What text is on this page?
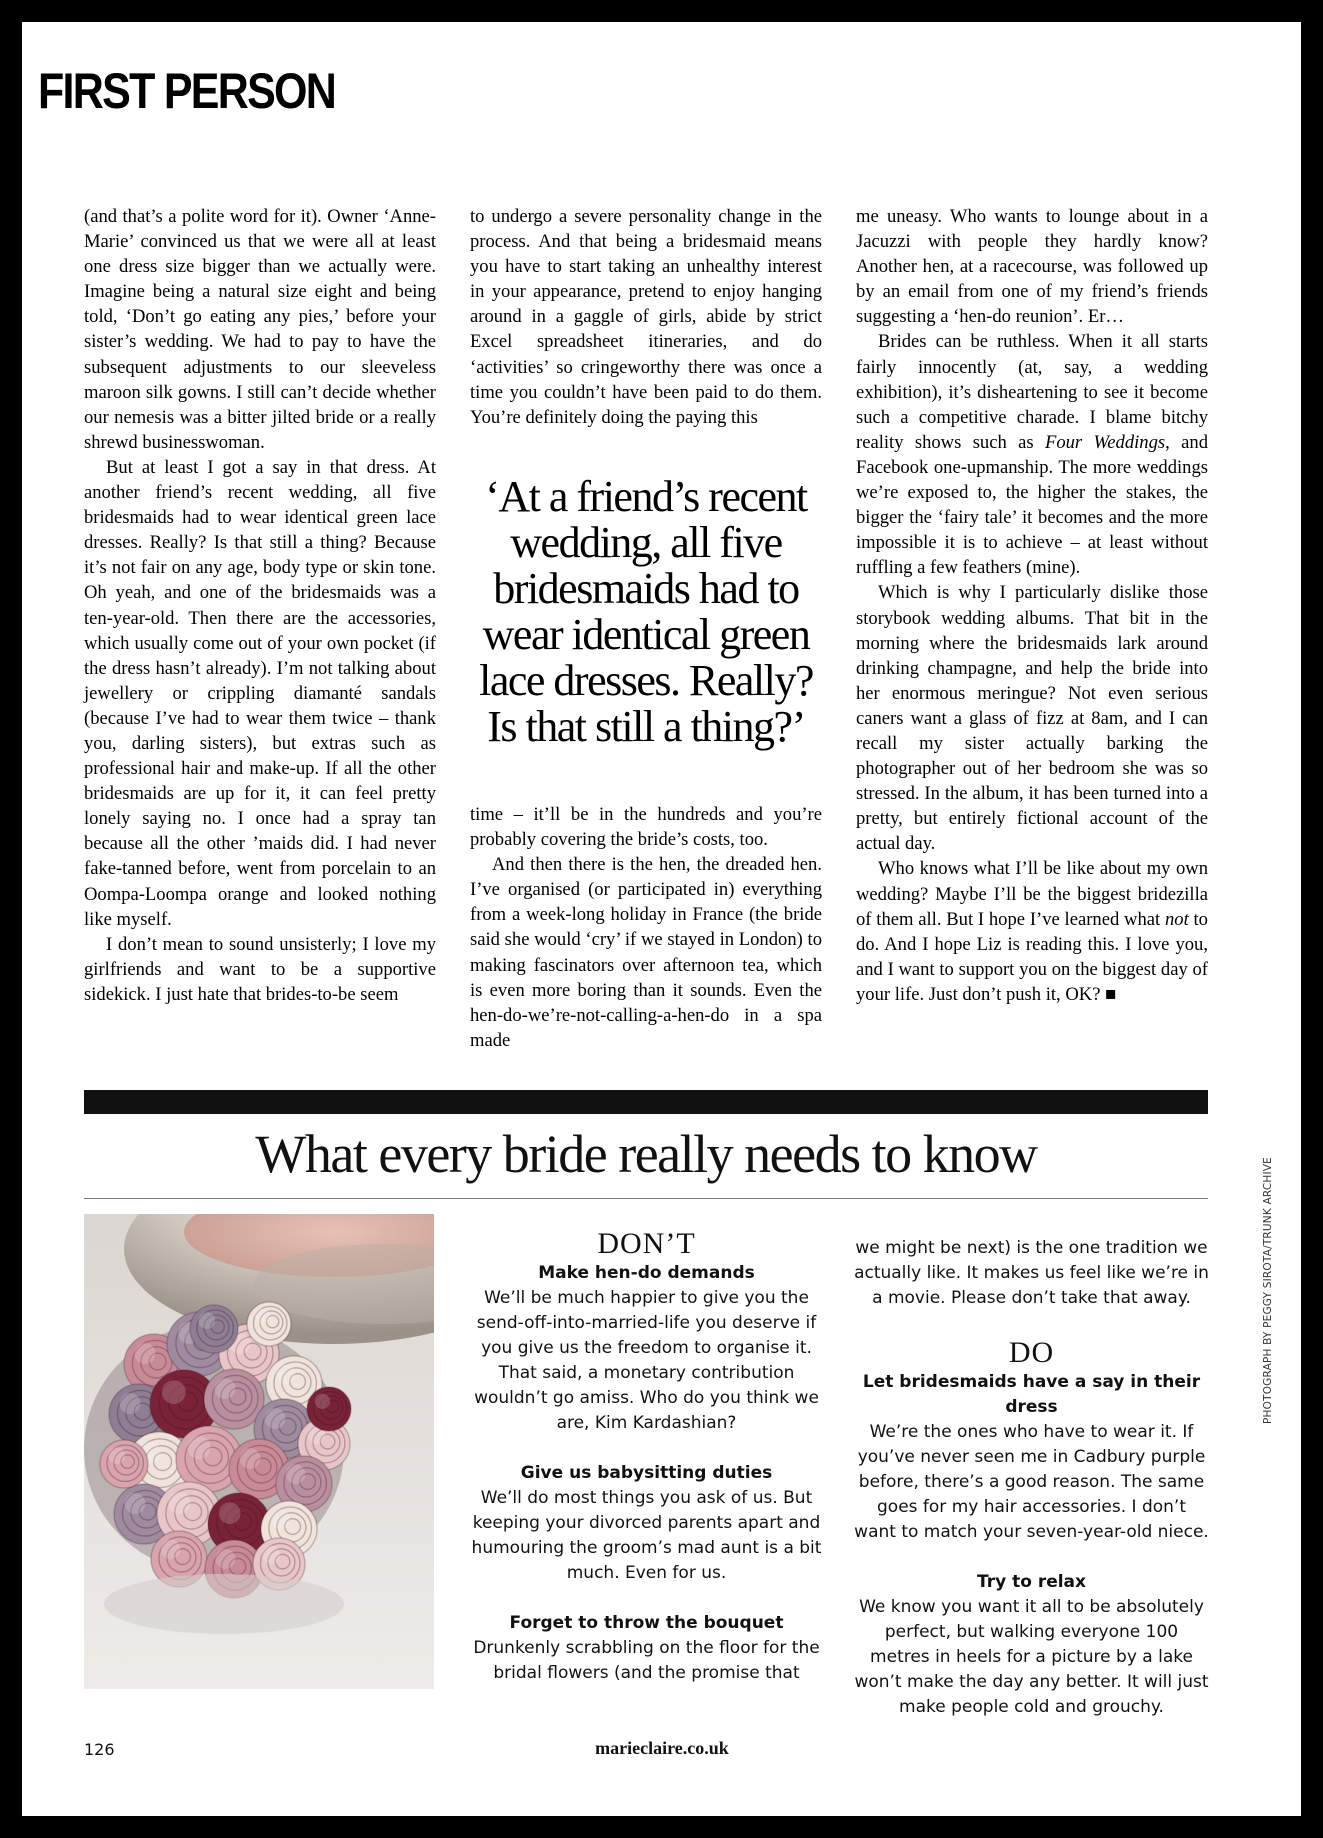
FIRST PERSON

(and that’s a polite word for it). Owner ‘Anne-Marie’ convinced us that we were all at least one dress size bigger than we actually were. Imagine being a natural size eight and being told, ‘Don’t go eating any pies,’ before your sister’s wedding. We had to pay to have the subsequent adjustments to our sleeveless maroon silk gowns. I still can’t decide whether our nemesis was a bitter jilted bride or a really shrewd businesswoman.

But at least I got a say in that dress. At another friend’s recent wedding, all five bridesmaids had to wear identical green lace dresses. Really? Is that still a thing? Because it’s not fair on any age, body type or skin tone. Oh yeah, and one of the bridesmaids was a ten-year-old. Then there are the accessories, which usually come out of your own pocket (if the dress hasn’t already). I’m not talking about jewellery or crippling diamanté sandals (because I’ve had to wear them twice – thank you, darling sisters), but extras such as professional hair and make-up. If all the other bridesmaids are up for it, it can feel pretty lonely saying no. I once had a spray tan because all the other ’maids did. I had never fake-tanned before, went from porcelain to an Oompa-Loompa orange and looked nothing like myself.

I don’t mean to sound unsisterly; I love my girlfriends and want to be a supportive sidekick. I just hate that brides-to-be seem

to undergo a severe personality change in the process. And that being a bridesmaid means you have to start taking an unhealthy interest in your appearance, pretend to enjoy hanging around in a gaggle of girls, abide by strict Excel spreadsheet itineraries, and do ‘activities’ so cringeworthy there was once a time you couldn’t have been paid to do them. You’re definitely doing the paying this

‘At a friend’s recent wedding, all five bridesmaids had to wear identical green lace dresses. Really? Is that still a thing?’

time – it’ll be in the hundreds and you’re probably covering the bride’s costs, too.

And then there is the hen, the dreaded hen. I’ve organised (or participated in) everything from a week-long holiday in France (the bride said she would ‘cry’ if we stayed in London) to making fascinators over afternoon tea, which is even more boring than it sounds. Even the hen-do-we’re-not-calling-a-hen-do in a spa made

me uneasy. Who wants to lounge about in a Jacuzzi with people they hardly know? Another hen, at a racecourse, was followed up by an email from one of my friend’s friends suggesting a ‘hen-do reunion’. Er…

Brides can be ruthless. When it all starts fairly innocently (at, say, a wedding exhibition), it’s disheartening to see it become such a competitive charade. I blame bitchy reality shows such as Four Weddings, and Facebook one-upmanship. The more weddings we’re exposed to, the higher the stakes, the bigger the ‘fairy tale’ it becomes and the more impossible it is to achieve – at least without ruffling a few feathers (mine).

Which is why I particularly dislike those storybook wedding albums. That bit in the morning where the bridesmaids lark around drinking champagne, and help the bride into her enormous meringue? Not even serious caners want a glass of fizz at 8am, and I can recall my sister actually barking the photographer out of her bedroom she was so stressed. In the album, it has been turned into a pretty, but entirely fictional account of the actual day.

Who knows what I’ll be like about my own wedding? Maybe I’ll be the biggest bridezilla of them all. But I hope I’ve learned what not to do. And I hope Liz is reading this. I love you, and I want to support you on the biggest day of your life. Just don’t push it, OK? ■

What every bride really needs to know
DON’T
Make hen-do demands
We’ll be much happier to give you the send-off-into-married-life you deserve if you give us the freedom to organise it. That said, a monetary contribution wouldn’t go amiss. Who do you think we are, Kim Kardashian?
Give us babysitting duties
We’ll do most things you ask of us. But keeping your divorced parents apart and humouring the groom’s mad aunt is a bit much. Even for us.
Forget to throw the bouquet
Drunkenly scrabbling on the floor for the bridal flowers (and the promise that
we might be next) is the one tradition we actually like. It makes us feel like we’re in a movie. Please don’t take that away.
DO
Let bridesmaids have a say in their dress
We’re the ones who have to wear it. If you’ve never seen me in Cadbury purple before, there’s a good reason. The same goes for my hair accessories. I don’t want to match your seven-year-old niece.
Try to relax
We know you want it all to be absolutely perfect, but walking everyone 100 metres in heels for a picture by a lake won’t make the day any better. It will just make people cold and grouchy.
PHOTOGRAPH BY PEGGY SIROTA/TRUNK ARCHIVE
126	marieclaire.co.uk
